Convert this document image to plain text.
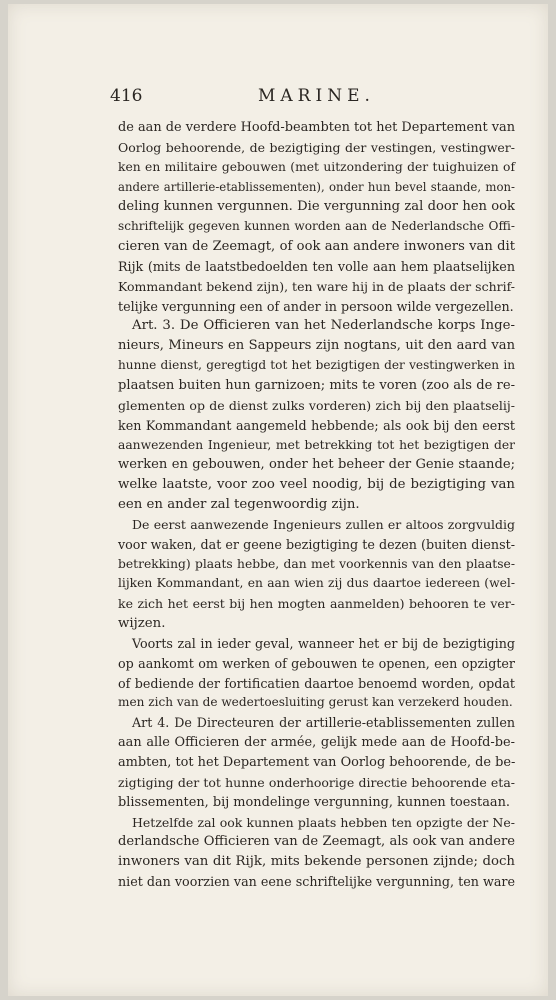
416	MARINE.
de aan de verdere Hoofd-beambten tot het Departement van
Oorlog behoorende, de bezigtiging der vestingen, vestingwer-
ken en militaire gebouwen (met uitzondering der tuighuizen of
andere artillerie-etablissementen), onder hun bevel staande, mon-
deling kunnen vergunnen. Die vergunning zal door hen ook
schriftelijk gegeven kunnen worden aan de Nederlandsche Offi-
cieren van de Zeemagt, of ook aan andere inwoners van dit
Rijk (mits de laatstbedoelden ten volle aan hem plaatselijken
Kommandant bekend zijn), ten ware hij in de plaats der schrif-
telijke vergunning een of ander in persoon wilde vergezellen.
Art. 3. De Officieren van het Nederlandsche korps Inge-
nieurs, Mineurs en Sappeurs zijn nogtans, uit den aard van
hunne dienst, geregtigd tot het bezigtigen der vestingwerken in
plaatsen buiten hun garnizoen; mits te voren (zoo als de re-
glementen op de dienst zulks vorderen) zich bij den plaatselij-
ken Kommandant aangemeld hebbende; als ook bij den eerst
aanwezenden Ingenieur, met betrekking tot het bezigtigen der
werken en gebouwen, onder het beheer der Genie staande;
welke laatste, voor zoo veel noodig, bij de bezigtiging van
een en ander zal tegenwoordig zijn.
De eerst aanwezende Ingenieurs zullen er altoos zorgvuldig
voor waken, dat er geene bezigtiging te dezen (buiten dienst-
betrekking) plaats hebbe, dan met voorkennis van den plaatse-
lijken Kommandant, en aan wien zij dus daartoe iedereen (wel-
ke zich het eerst bij hen mogten aanmelden) behooren te ver-
wijzen.
Voorts zal in ieder geval, wanneer het er bij de bezigtiging
op aankomt om werken of gebouwen te openen, een opzigter
of bediende der fortificatien daartoe benoemd worden, opdat
men zich van de wedertoesluiting gerust kan verzekerd houden.
Art 4. De Directeuren der artillerie-etablissementen zullen
aan alle Officieren der armée, gelijk mede aan de Hoofd-be-
ambten, tot het Departement van Oorlog behoorende, de be-
zigtiging der tot hunne onderhoorige directie behoorende eta-
blissementen, bij mondelinge vergunning, kunnen toestaan.
Hetzelfde zal ook kunnen plaats hebben ten opzigte der Ne-
derlandsche Officieren van de Zeemagt, als ook van andere
inwoners van dit Rijk, mits bekende personen zijnde; doch
niet dan voorzien van eene schriftelijke vergunning, ten ware
